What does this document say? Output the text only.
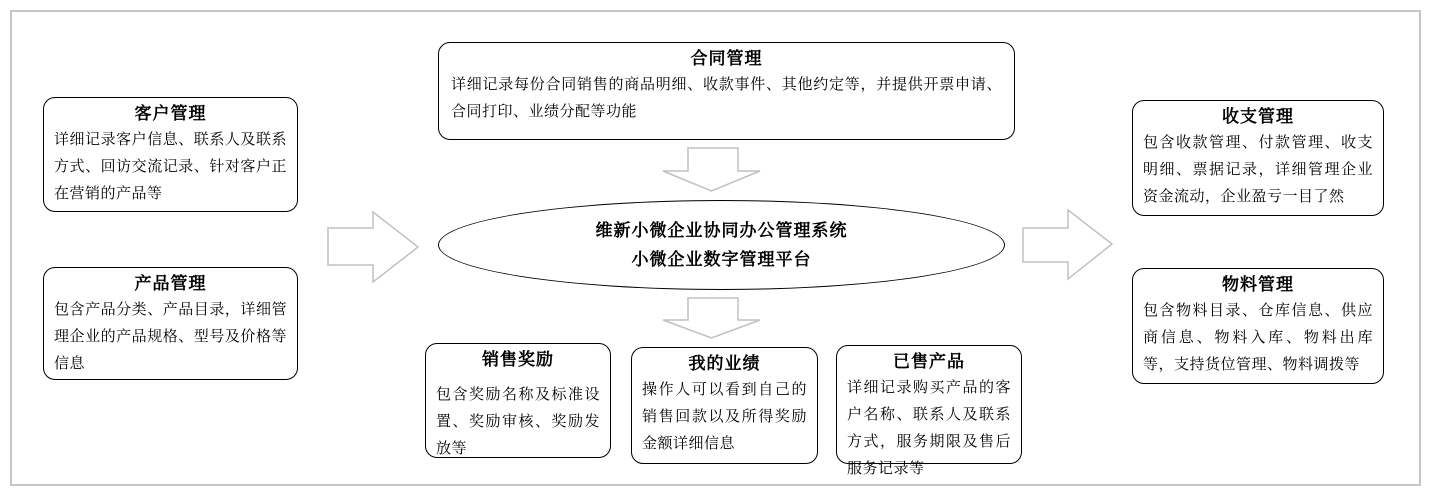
合同管理
详细记录每份合同销售的商品明细、收款事件、其他约定等，并提供开票申请、合同打印、业绩分配等功能
客户管理
详细记录客户信息、联系人及联系方式、回访交流记录、针对客户正在营销的产品等
产品管理
包含产品分类、产品目录，详细管理企业的产品规格、型号及价格等信息
维新小微企业协同办公管理系统
小微企业数字管理平台
收支管理
包含收款管理、付款管理、收支明细、票据记录，详细管理企业资金流动，企业盈亏一目了然
物料管理
包含物料目录、仓库信息、供应商信息、物料入库、物料出库等，支持货位管理、物料调拨等
销售奖励
包含奖励名称及标准设置、奖励审核、奖励发放等
我的业绩
操作人可以看到自己的销售回款以及所得奖励金额详细信息
已售产品
详细记录购买产品的客户名称、联系人及联系方式，服务期限及售后服务记录等
